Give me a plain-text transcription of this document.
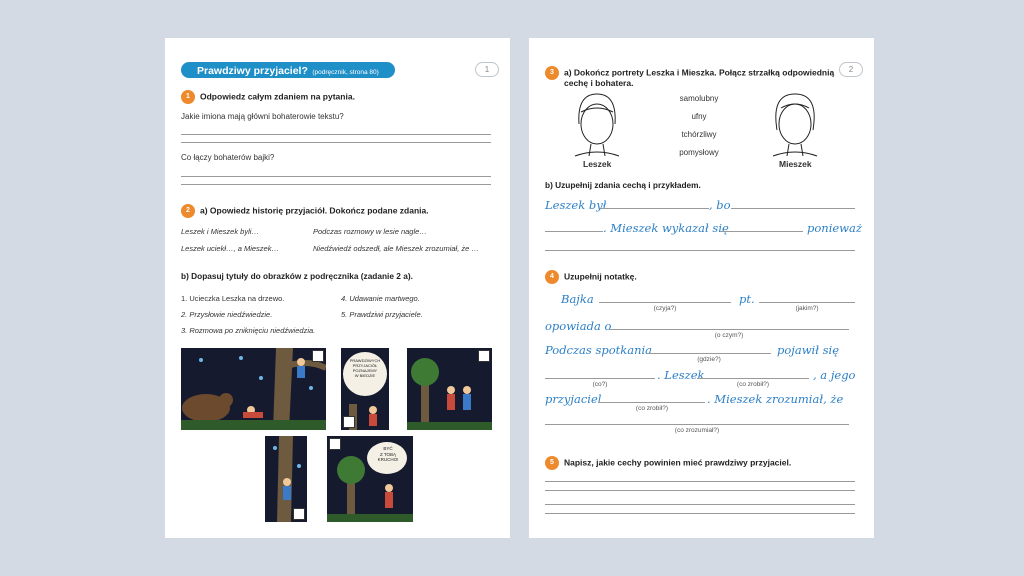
Prawdziwy przyjaciel? (podręcznik, strona 80)	1
1 Odpowiedz całym zdaniem na pytania.
Jakie imiona mają główni bohaterowie tekstu?
Co łączy bohaterów bajki?
2 a) Opowiedz historię przyjaciół. Dokończ podane zdania.
Leszek i Mieszek byli…	Podczas rozmowy w lesie nagle…
Leszek uciekł…, a Mieszek…	Niedźwiedź odszedł, ale Mieszek zrozumiał, że …
b) Dopasuj tytuły do obrazków z podręcznika (zadanie 2 a).
1. Ucieczka Leszka na drzewo.
2. Przysłowie niedźwiedzie.
3. Rozmowa po zniknięciu niedźwiedzia.
4. Udawanie martwego.
5. Prawdziwi przyjaciele.
PRAWDZIWYCH
PRZYJACIÓŁ
POZNAJEMY
W BIEDZIE
BYĆ
Z TOBĄ
KRUCHO!
2
3 a) Dokończ portrety Leszka i Mieszka. Połącz strzałką odpowiednią
cechę i bohatera.
Leszek
samolubny
ufny
tchórzliwy
pomysłowy
Mieszek
b) Uzupełnij zdania cechą i przykładem.
Leszek był	, bo
. Mieszek wykazał się	ponieważ
4 Uzupełnij notatkę.
Bajka
(czyja?)
pt.
(jakim?)
opowiada o
(o czym?)
Podczas spotkania
(gdzie?)
pojawił się
(co?)
. Leszek
(co zrobił?)
, a jego
przyjaciel
(co zrobił?)
. Mieszek zrozumiał, że
(co zrozumiał?)
5 Napisz, jakie cechy powinien mieć prawdziwy przyjaciel.
